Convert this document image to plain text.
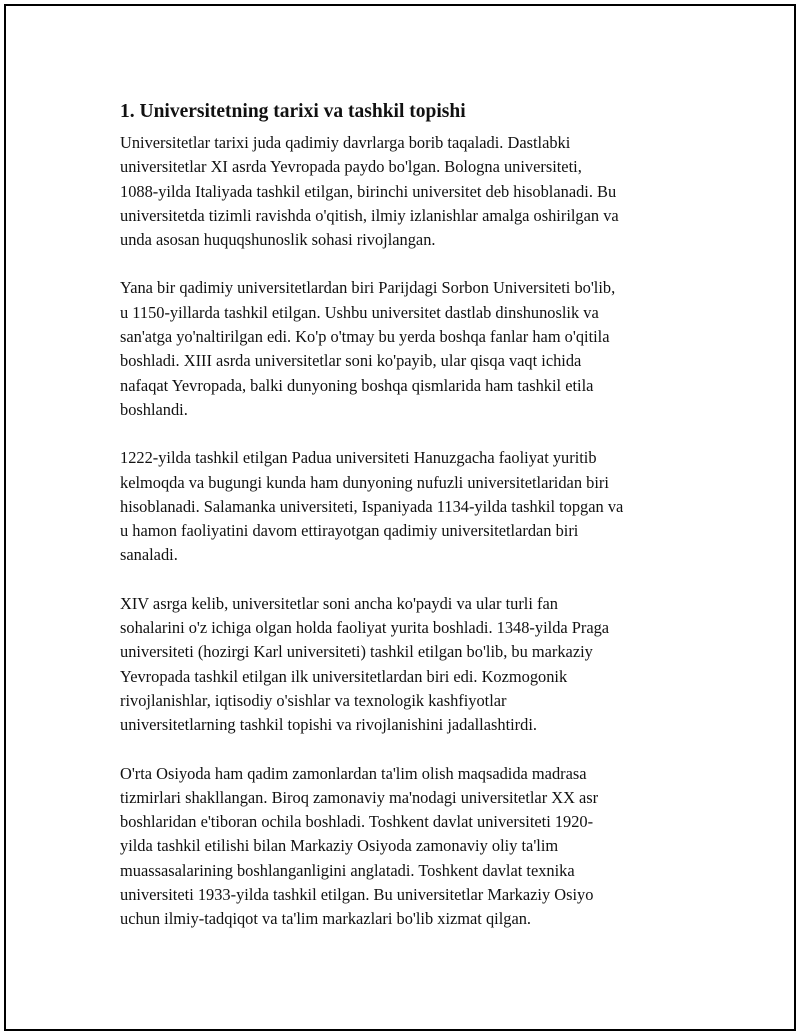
1. Universitetning tarixi va tashkil topishi

Universitetlar tarixi juda qadimiy davrlarga borib taqaladi. Dastlabki
universitetlar XI asrda Yevropada paydo bo'lgan. Bologna universiteti,
1088-yilda Italiyada tashkil etilgan, birinchi universitet deb hisoblanadi. Bu
universitetda tizimli ravishda o'qitish, ilmiy izlanishlar amalga oshirilgan va
unda asosan huquqshunoslik sohasi rivojlangan.

Yana bir qadimiy universitetlardan biri Parijdagi Sorbon Universiteti bo'lib,
u 1150-yillarda tashkil etilgan. Ushbu universitet dastlab dinshunoslik va
san'atga yo'naltirilgan edi. Ko'p o'tmay bu yerda boshqa fanlar ham o'qitila
boshladi. XIII asrda universitetlar soni ko'payib, ular qisqa vaqt ichida
nafaqat Yevropada, balki dunyoning boshqa qismlarida ham tashkil etila
boshlandi.

1222-yilda tashkil etilgan Padua universiteti Hanuzgacha faoliyat yuritib
kelmoqda va bugungi kunda ham dunyoning nufuzli universitetlaridan biri
hisoblanadi. Salamanka universiteti, Ispaniyada 1134-yilda tashkil topgan va
u hamon faoliyatini davom ettirayotgan qadimiy universitetlardan biri
sanaladi.

XIV asrga kelib, universitetlar soni ancha ko'paydi va ular turli fan
sohalarini o'z ichiga olgan holda faoliyat yurita boshladi. 1348-yilda Praga
universiteti (hozirgi Karl universiteti) tashkil etilgan bo'lib, bu markaziy
Yevropada tashkil etilgan ilk universitetlardan biri edi. Kozmogonik
rivojlanishlar, iqtisodiy o'sishlar va texnologik kashfiyotlar
universitetlarning tashkil topishi va rivojlanishini jadallashtirdi.

O'rta Osiyoda ham qadim zamonlardan ta'lim olish maqsadida madrasa
tizmirlari shakllangan. Biroq zamonaviy ma'nodagi universitetlar XX asr
boshlaridan e'tiboran ochila boshladi. Toshkent davlat universiteti 1920-
yilda tashkil etilishi bilan Markaziy Osiyoda zamonaviy oliy ta'lim
muassasalarining boshlanganligini anglatadi. Toshkent davlat texnika
universiteti 1933-yilda tashkil etilgan. Bu universitetlar Markaziy Osiyo
uchun ilmiy-tadqiqot va ta'lim markazlari bo'lib xizmat qilgan.
